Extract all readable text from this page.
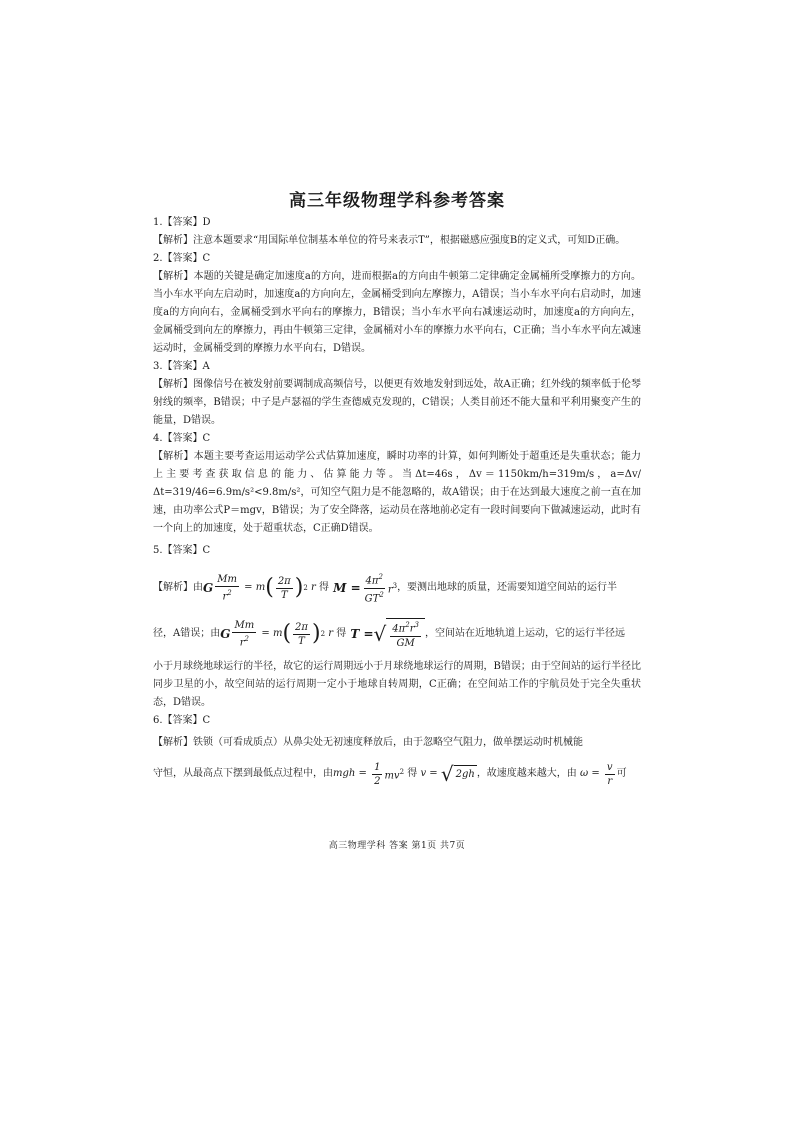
高三年级物理学科参考答案

1.【答案】D

【解析】注意本题要求“用国际单位制基本单位的符号来表示T”，根据磁感应强度B的定义式，可知D正确。

2.【答案】C

【解析】本题的关键是确定加速度a的方向，进而根据a的方向由牛顿第二定律确定金属桶所受摩擦力的方向。当小车水平向左启动时，加速度a的方向向左，金属桶受到向左摩擦力，A错误；当小车水平向右启动时，加速度a的方向向右，金属桶受到水平向右的摩擦力，B错误；当小车水平向右减速运动时，加速度a的方向向左，金属桶受到向左的摩擦力，再由牛顿第三定律，金属桶对小车的摩擦力水平向右，C正确；当小车水平向左减速运动时，金属桶受到的摩擦力水平向右，D错误。

3.【答案】A

【解析】图像信号在被发射前要调制成高频信号，以便更有效地发射到远处，故A正确；红外线的频率低于伦琴射线的频率，B错误；中子是卢瑟福的学生查德威克发现的，C错误；人类目前还不能大量和平利用聚变产生的能量，D错误。

4.【答案】C

【解析】本题主要考查运用运动学公式估算加速度，瞬时功率的计算，如何判断处于超重还是失重状态；能力上主要考查获取信息的能力、估算能力等。当Δt=46s，Δv＝1150km/h=319m/s，a=Δv/Δt=319/46=6.9m/s²<9.8m/s²，可知空气阻力是不能忽略的，故A错误；由于在达到最大速度之前一直在加速，由功率公式P＝mgv，B错误；为了安全降落，运动员在落地前必定有一段时间要向下做减速运动，此时有一个向上的加速度，处于超重状态，C正确D错误。

5.【答案】C

【解析】由 G $\frac{Mm}{r^2} = m$ ( $\frac{2\pi}{T}$ ) 2 r 得 $M = \frac{4\pi^2}{GT^2} r^3$ ，要测出地球的质量，还需要知道空间站的运行半
径，A错误；由 G $\frac{Mm}{r^2} = m$ ( $\frac{2\pi}{T}$ ) 2 r 得 T = √ $\frac{4\pi^2r^3}{GM}$ ，空间站在近地轨道上运动，它的运行半径远

小于月球绕地球运行的半径，故它的运行周期远小于月球绕地球运行的周期，B错误；由于空间站的运行半径比同步卫星的小，故空间站的运行周期一定小于地球自转周期，C正确；在空间站工作的宇航员处于完全失重状态，D错误。

6.【答案】C

【解析】铁锁（可看成质点）从鼻尖处无初速度释放后，由于忽略空气阻力，做单摆运动时机械能

守恒，从最高点下摆到最低点过程中，由 mgh = $\frac{1}{2} mv^2$ 得 v = √ 2gh ，故速度越来越大，由 $\omega = \frac{v}{r}$ 可
高三物理学科 答案 第1页 共7页
